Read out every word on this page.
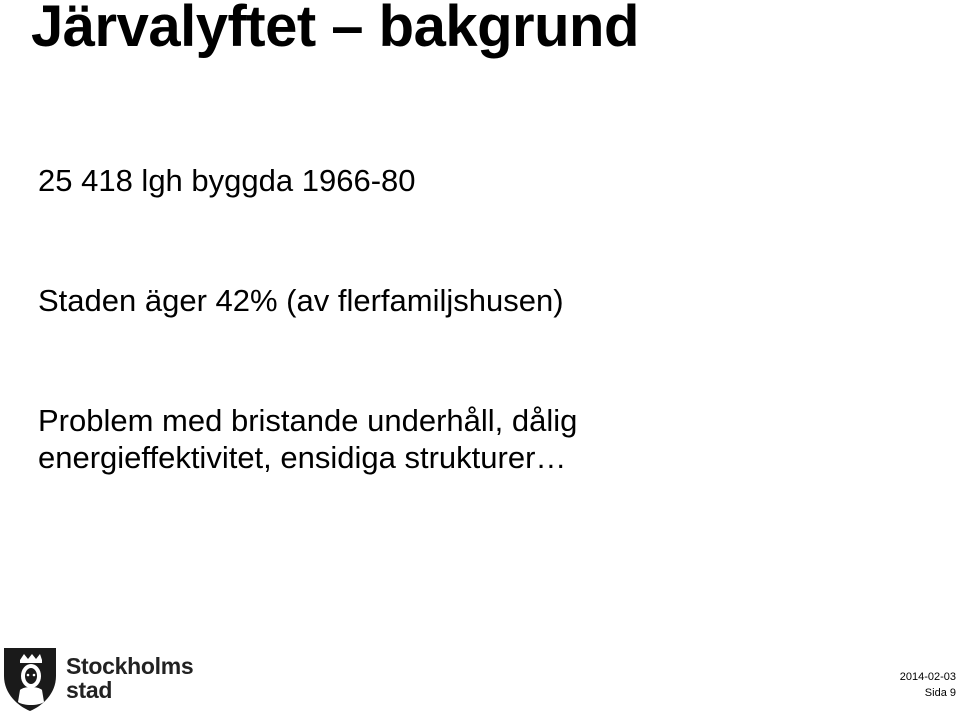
Järvalyftet – bakgrund

25 418 lgh byggda 1966-80

Staden äger 42% (av flerfamiljshusen)

Problem med bristande underhåll, dålig
energieffektivitet, ensidiga strukturer…
Stockholms
stad	2014-02-03
Sida 9
